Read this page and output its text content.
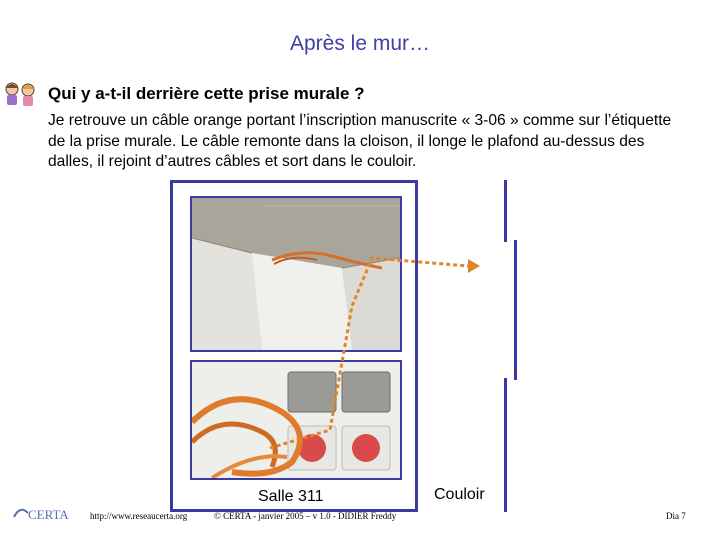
Après le mur…
Qui y a-t-il derrière cette prise murale ?
Je retrouve un câble orange portant l’inscription manuscrite « 3-06 » comme sur l’étiquette de la prise murale. Le câble remonte dans la cloison, il longe le plafond au-dessus des dalles, il rejoint d’autres câbles et sort dans le couloir.
Salle 311	Couloir
CERTA http://www.reseaucerta.org	© CERTA - janvier 2005 – v 1.0 - DIDIER Freddy	Dia 7
